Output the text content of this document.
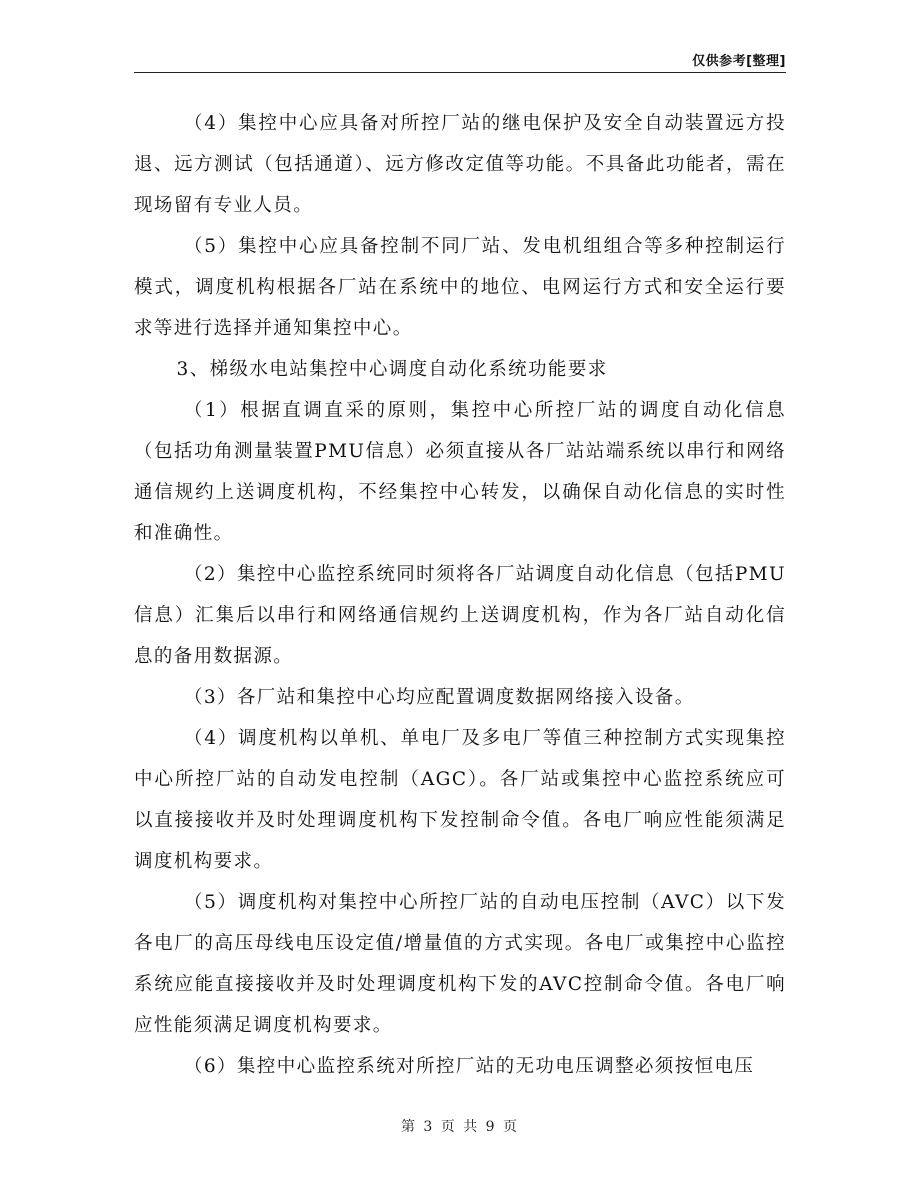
仅供参考[整理]

（4）集控中心应具备对所控厂站的继电保护及安全自动装置远方投退、远方测试（包括通道）、远方修改定值等功能。不具备此功能者，需在现场留有专业人员。

（5）集控中心应具备控制不同厂站、发电机组组合等多种控制运行模式，调度机构根据各厂站在系统中的地位、电网运行方式和安全运行要求等进行选择并通知集控中心。

3、梯级水电站集控中心调度自动化系统功能要求

（1）根据直调直采的原则，集控中心所控厂站的调度自动化信息（包括功角测量装置PMU信息）必须直接从各厂站站端系统以串行和网络通信规约上送调度机构，不经集控中心转发，以确保自动化信息的实时性和准确性。

（2）集控中心监控系统同时须将各厂站调度自动化信息（包括PMU信息）汇集后以串行和网络通信规约上送调度机构，作为各厂站自动化信息的备用数据源。

（3）各厂站和集控中心均应配置调度数据网络接入设备。

（4）调度机构以单机、单电厂及多电厂等值三种控制方式实现集控中心所控厂站的自动发电控制（AGC）。各厂站或集控中心监控系统应可以直接接收并及时处理调度机构下发控制命令值。各电厂响应性能须满足调度机构要求。

（5）调度机构对集控中心所控厂站的自动电压控制（AVC）以下发各电厂的高压母线电压设定值/增量值的方式实现。各电厂或集控中心监控系统应能直接接收并及时处理调度机构下发的AVC控制命令值。各电厂响应性能须满足调度机构要求。

（6）集控中心监控系统对所控厂站的无功电压调整必须按恒电压

第 3 页 共 9 页
